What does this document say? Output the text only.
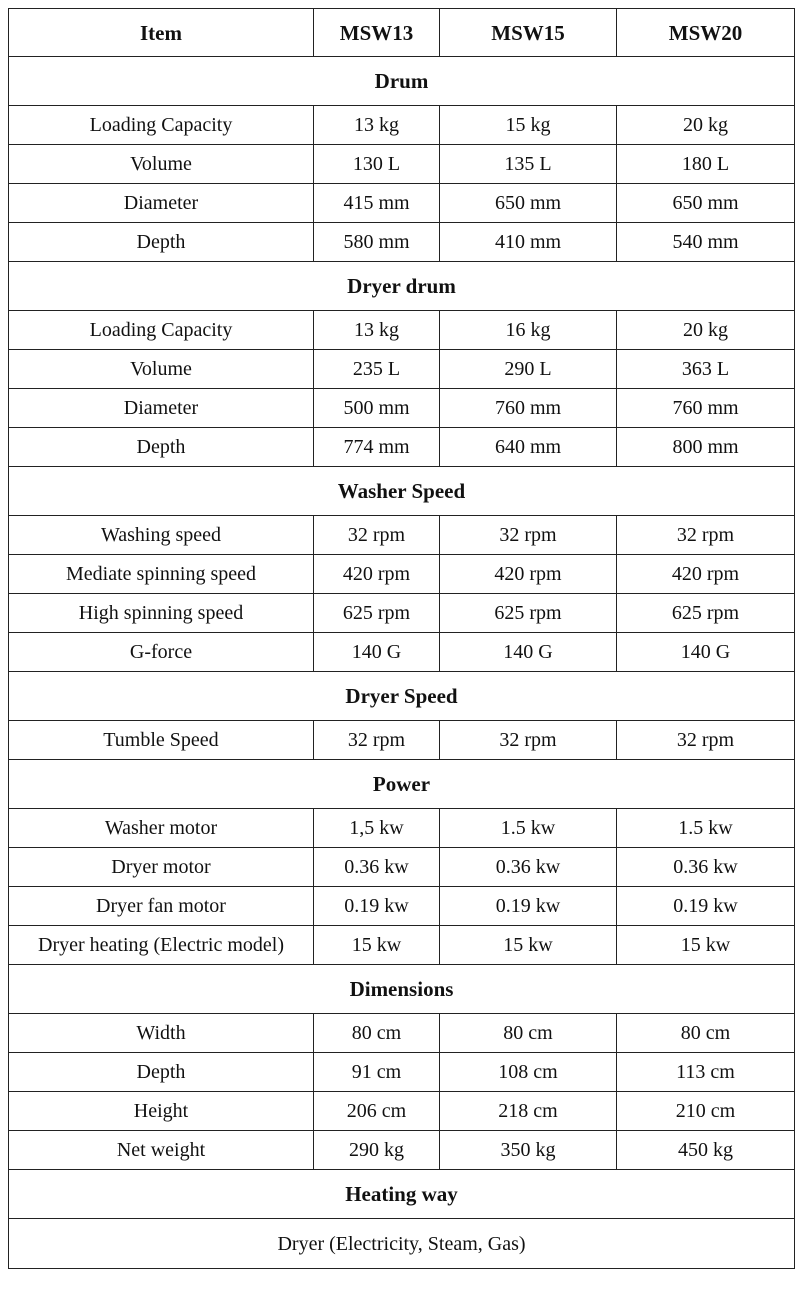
Item	MSW13	MSW15	MSW20
Drum			
Loading Capacity	13 kg	15 kg	20 kg
Volume	130 L	135 L	180 L
Diameter	415 mm	650 mm	650 mm
Depth	580 mm	410 mm	540 mm
Dryer drum			
Loading Capacity	13 kg	16 kg	20 kg
Volume	235 L	290 L	363 L
Diameter	500 mm	760 mm	760 mm
Depth	774 mm	640 mm	800 mm
Washer Speed			
Washing speed	32 rpm	32 rpm	32 rpm
Mediate spinning speed	420 rpm	420 rpm	420 rpm
High spinning speed	625 rpm	625 rpm	625 rpm
G-force	140 G	140 G	140 G
Dryer Speed			
Tumble Speed	32 rpm	32 rpm	32 rpm
Power			
Washer motor	1,5 kw	1.5 kw	1.5 kw
Dryer motor	0.36 kw	0.36 kw	0.36 kw
Dryer fan motor	0.19 kw	0.19 kw	0.19 kw
Dryer heating (Electric model)	15 kw	15 kw	15 kw
Dimensions			
Width	80 cm	80 cm	80 cm
Depth	91 cm	108 cm	113 cm
Height	206 cm	218 cm	210 cm
Net weight	290 kg	350 kg	450 kg
Heating way			
Dryer (Electricity, Steam, Gas)			
